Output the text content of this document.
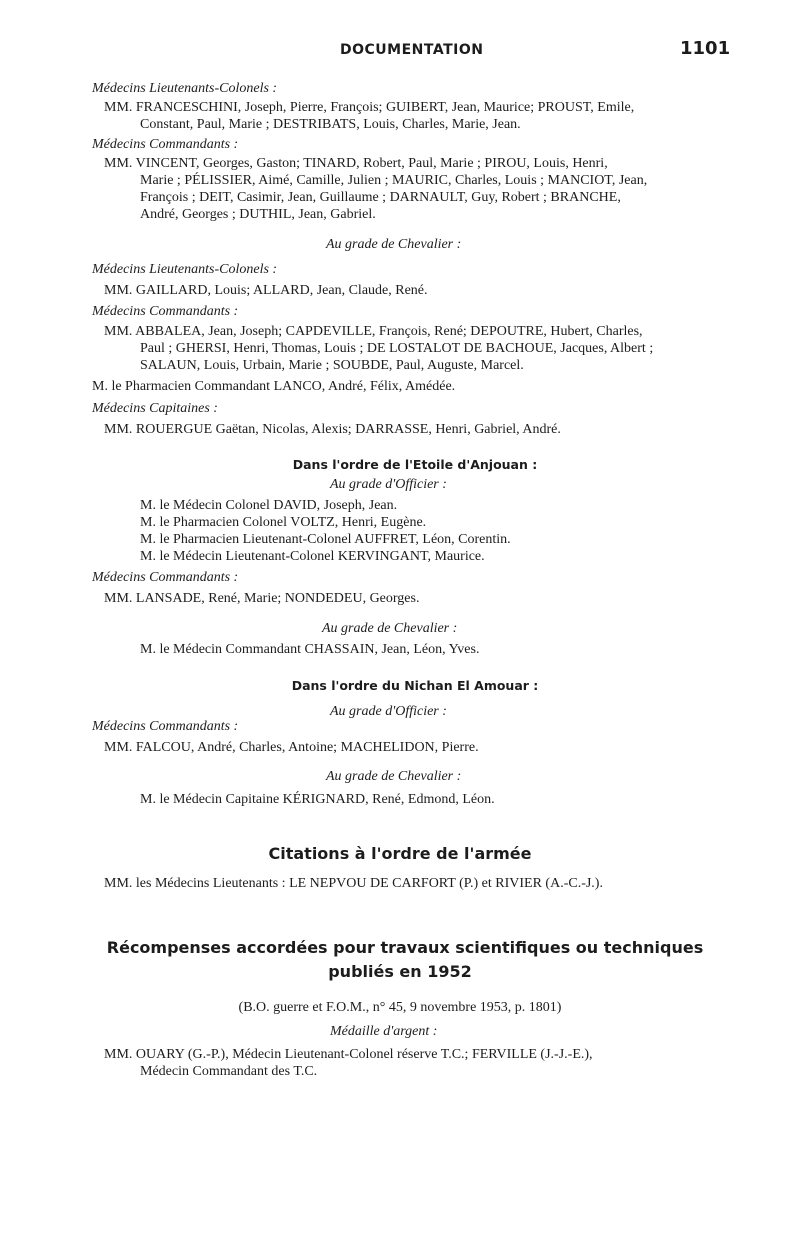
DOCUMENTATION	1101
Médecins Lieutenants-Colonels :
MM. FRANCESCHINI, Joseph, Pierre, François; GUIBERT, Jean, Maurice; PROUST, Emile,
Constant, Paul, Marie ; DESTRIBATS, Louis, Charles, Marie, Jean.
Médecins Commandants :
MM. VINCENT, Georges, Gaston; TINARD, Robert, Paul, Marie ; PIROU, Louis, Henri,
Marie ; PÉLISSIER, Aimé, Camille, Julien ; MAURIC, Charles, Louis ; MANCIOT, Jean,
François ; DEIT, Casimir, Jean, Guillaume ; DARNAULT, Guy, Robert ; BRANCHE,
André, Georges ; DUTHIL, Jean, Gabriel.
Au grade de Chevalier :
Médecins Lieutenants-Colonels :
MM. GAILLARD, Louis; ALLARD, Jean, Claude, René.
Médecins Commandants :
MM. ABBALEA, Jean, Joseph; CAPDEVILLE, François, René; DEPOUTRE, Hubert, Charles,
Paul ; GHERSI, Henri, Thomas, Louis ; DE LOSTALOT DE BACHOUE, Jacques, Albert ;
SALAUN, Louis, Urbain, Marie ; SOUBDE, Paul, Auguste, Marcel.
M. le Pharmacien Commandant LANCO, André, Félix, Amédée.
Médecins Capitaines :
MM. ROUERGUE Gaëtan, Nicolas, Alexis; DARRASSE, Henri, Gabriel, André.
Dans l'ordre de l'Etoile d'Anjouan :
Au grade d'Officier :
M. le Médecin Colonel DAVID, Joseph, Jean.
M. le Pharmacien Colonel VOLTZ, Henri, Eugène.
M. le Pharmacien Lieutenant-Colonel AUFFRET, Léon, Corentin.
M. le Médecin Lieutenant-Colonel KERVINGANT, Maurice.
Médecins Commandants :
MM. LANSADE, René, Marie; NONDEDEU, Georges.
Au grade de Chevalier :
M. le Médecin Commandant CHASSAIN, Jean, Léon, Yves.
Dans l'ordre du Nichan El Amouar :
Au grade d'Officier :
Médecins Commandants :
MM. FALCOU, André, Charles, Antoine; MACHELIDON, Pierre.
Au grade de Chevalier :
M. le Médecin Capitaine KÉRIGNARD, René, Edmond, Léon.
Citations à l'ordre de l'armée
MM. les Médecins Lieutenants : LE NEPVOU DE CARFORT (P.) et RIVIER (A.-C.-J.).
Récompenses accordées pour travaux scientifiques ou techniques
publiés en 1952
(B.O. guerre et F.O.M., n° 45, 9 novembre 1953, p. 1801)
Médaille d'argent :
MM. OUARY (G.-P.), Médecin Lieutenant-Colonel réserve T.C.; FERVILLE (J.-J.-E.),
Médecin Commandant des T.C.
